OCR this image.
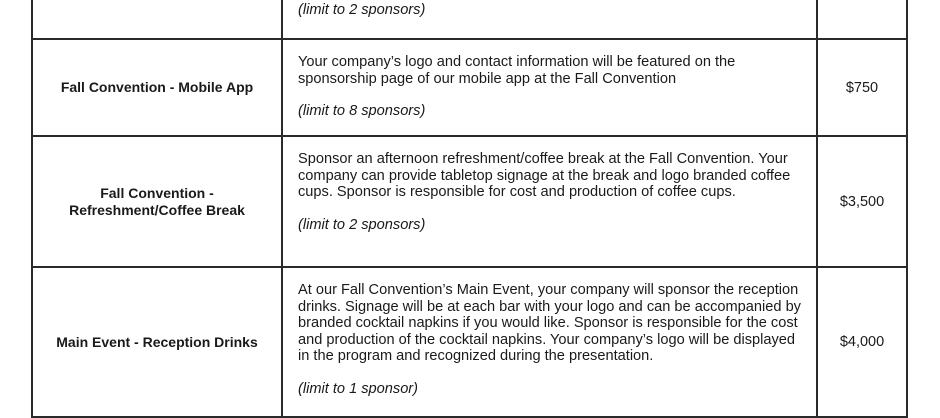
(limit to 2 sponsors)

Fall Convention - Mobile App

Your company’s logo and contact information will be featured on the sponsorship page of our mobile app at the Fall Convention

(limit to 8 sponsors)

$750
Fall Convention - Refreshment/Coffee Break

Sponsor an afternoon refreshment/coffee break at the Fall Convention. Your company can provide tabletop signage at the break and logo branded coffee cups. Sponsor is responsible for cost and production of coffee cups.

(limit to 2 sponsors)

$3,500
Main Event - Reception Drinks

At our Fall Convention’s Main Event, your company will sponsor the reception drinks. Signage will be at each bar with your logo and can be accompanied by branded cocktail napkins if you would like. Sponsor is responsible for the cost and production of the cocktail napkins. Your company’s logo will be displayed in the program and recognized during the presentation.

(limit to 1 sponsor)

$4,000
